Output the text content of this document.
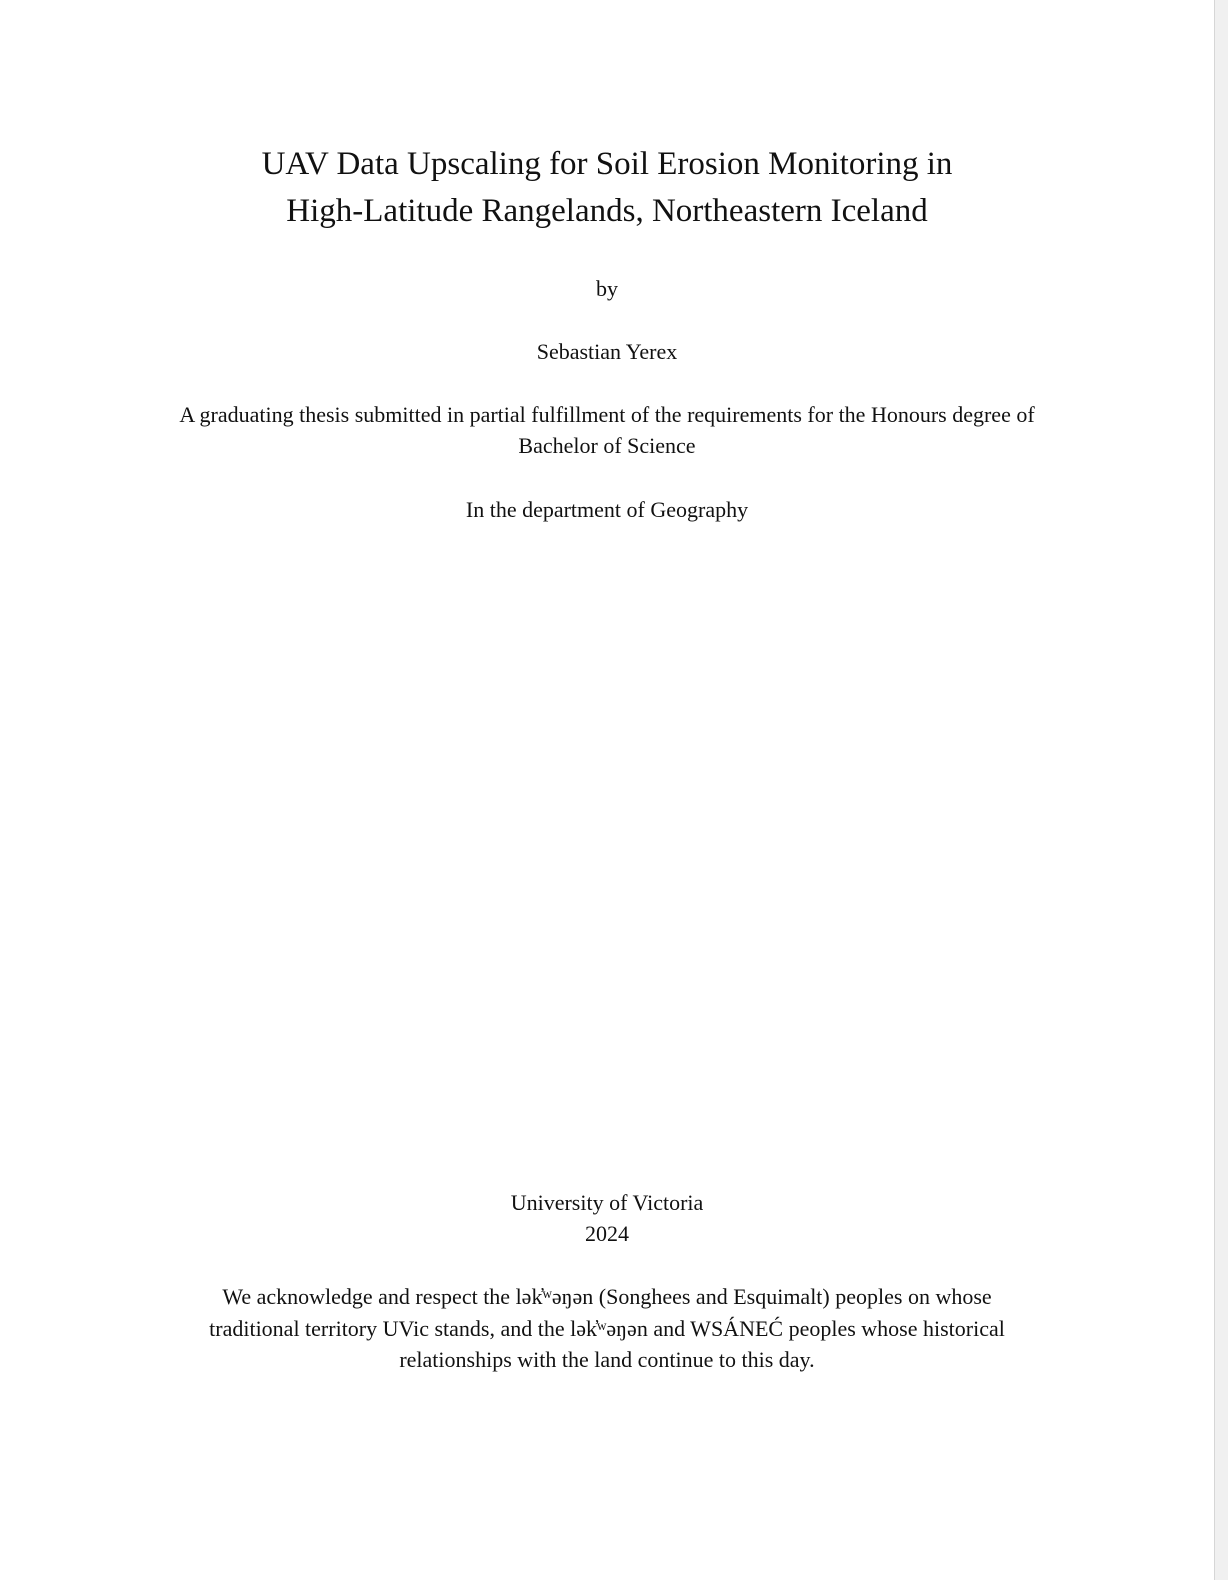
UAV Data Upscaling for Soil Erosion Monitoring in
High-Latitude Rangelands, Northeastern Iceland
by
Sebastian Yerex
A graduating thesis submitted in partial fulfillment of the requirements for the Honours degree of
Bachelor of Science
In the department of Geography
University of Victoria
2024
We acknowledge and respect the lək̓ʷəŋən (Songhees and Esquimalt) peoples on whose
traditional territory UVic stands, and the lək̓ʷəŋən and WSÁNEĆ peoples whose historical
relationships with the land continue to this day.
